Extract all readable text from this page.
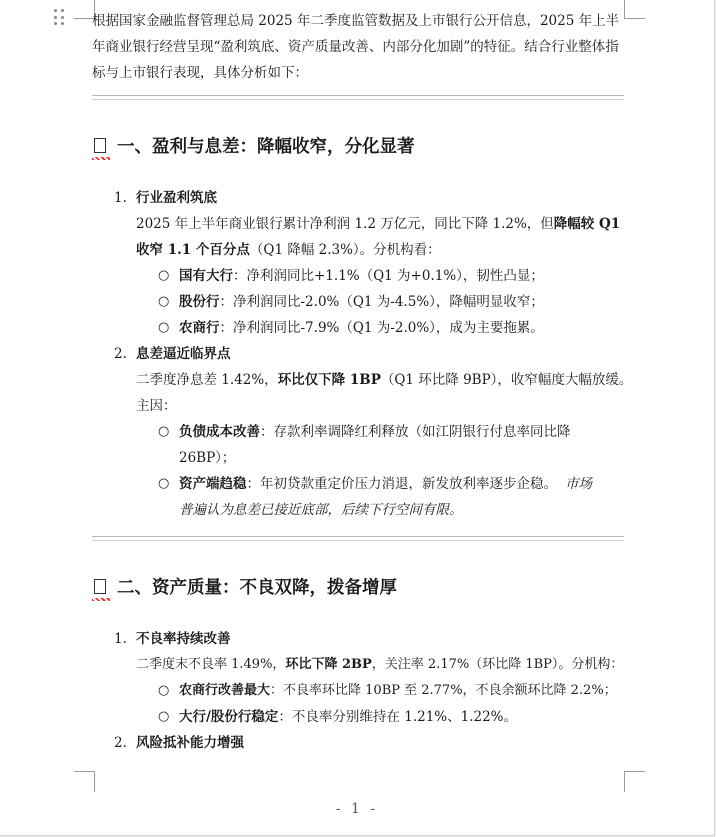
根据国家金融监督管理总局 2025 年二季度监管数据及上市银行公开信息，2025 年上半年商业银行经营呈现“盈利筑底、资产质量改善、内部分化加剧”的特征。结合行业整体指标与上市银行表现，具体分析如下：

一、盈利与息差：降幅收窄，分化显著
1. 行业盈利筑底
2025 年上半年商业银行累计净利润 1.2 万亿元，同比下降 1.2%，但降幅较 Q1
收窄 1.1 个百分点（Q1 降幅 2.3%）。分机构看：
○ 国有大行：净利润同比+1.1%（Q1 为+0.1%），韧性凸显；
○ 股份行：净利润同比-2.0%（Q1 为-4.5%），降幅明显收窄；
○ 农商行：净利润同比-7.9%（Q1 为-2.0%），成为主要拖累。
2. 息差逼近临界点
二季度净息差 1.42%，环比仅下降 1BP（Q1 环比降 9BP），收窄幅度大幅放缓。
主因：
○ 负债成本改善：存款利率调降红利释放（如江阴银行付息率同比降
26BP）；
○ 资产端趋稳：年初贷款重定价压力消退，新发放利率逐步企稳。 市场
普遍认为息差已接近底部，后续下行空间有限。
二、资产质量：不良双降，拨备增厚
1. 不良率持续改善
二季度末不良率 1.49%，环比下降 2BP，关注率 2.17%（环比降 1BP）。分机构：
○ 农商行改善最大：不良率环比降 10BP 至 2.77%，不良余额环比降 2.2%；
○ 大行/股份行稳定：不良率分别维持在 1.21%、1.22%。
2. 风险抵补能力增强
- 1 -
